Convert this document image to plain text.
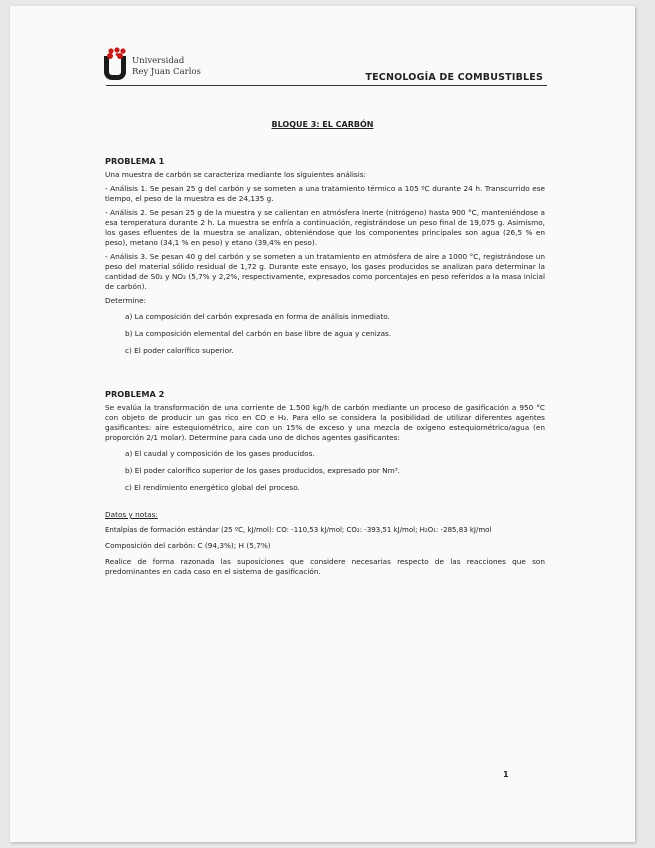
Universidad
Rey Juan Carlos	TECNOLOGÍA DE COMBUSTIBLES
BLOQUE 3: EL CARBÓN
PROBLEMA 1

Una muestra de carbón se caracteriza mediante los siguientes análisis:

- Análisis 1. Se pesan 25 g del carbón y se someten a una tratamiento térmico a 105 ºC durante 24 h. Transcurrido ese tiempo, el peso de la muestra es de 24,135 g.

- Análisis 2. Se pesan 25 g de la muestra y se calientan en atmósfera inerte (nitrógeno) hasta 900 °C, manteniéndose a esa temperatura durante 2 h. La muestra se enfría a continuación, registrándose un peso final de 19,075 g. Asimismo, los gases efluentes de la muestra se analizan, obteniéndose que los componentes principales son agua (26,5 % en peso), metano (34,1 % en peso) y etano (39,4% en peso).

- Análisis 3. Se pesan 40 g del carbón y se someten a un tratamiento en atmósfera de aire a 1000 °C, registrándose un peso del material sólido residual de 1,72 g. Durante este ensayo, los gases producidos se analizan para determinar la cantidad de S0₂ y NO₂ (5,7% y 2,2%, respectivamente, expresados como porcentajes en peso referidos a la masa inicial de carbón).

Determine:

a) La composición del carbón expresada en forma de análisis inmediato.

b) La composición elemental del carbón en base libre de agua y cenizas.

c) El poder calorífico superior.

PROBLEMA 2

Se evalúa la transformación de una corriente de 1.500 kg/h de carbón mediante un proceso de gasificación a 950 °C con objeto de producir un gas rico en CO e H₂. Para ello se considera la posibilidad de utilizar diferentes agentes gasificantes: aire estequiométrico, aire con un 15% de exceso y una mezcla de oxígeno estequiométrico/agua (en proporción 2/1 molar). Determine para cada uno de dichos agentes gasificantes:

a) El caudal y composición de los gases producidos.

b) El poder calorífico superior de los gases producidos, expresado por Nm³.

c) El rendimiento energético global del proceso.

Datos y notas:

Entalpías de formación estándar (25 ºC, kJ/mol): CO: -110,53 kJ/mol; CO₂: -393,51 kJ/mol; H₂O₁: -285,83 kJ/mol

Composición del carbón: C (94,3%); H (5,7%)

Realice de forma razonada las suposiciones que considere necesarias respecto de las reacciones que son predominantes en cada caso en el sistema de gasificación.

1
